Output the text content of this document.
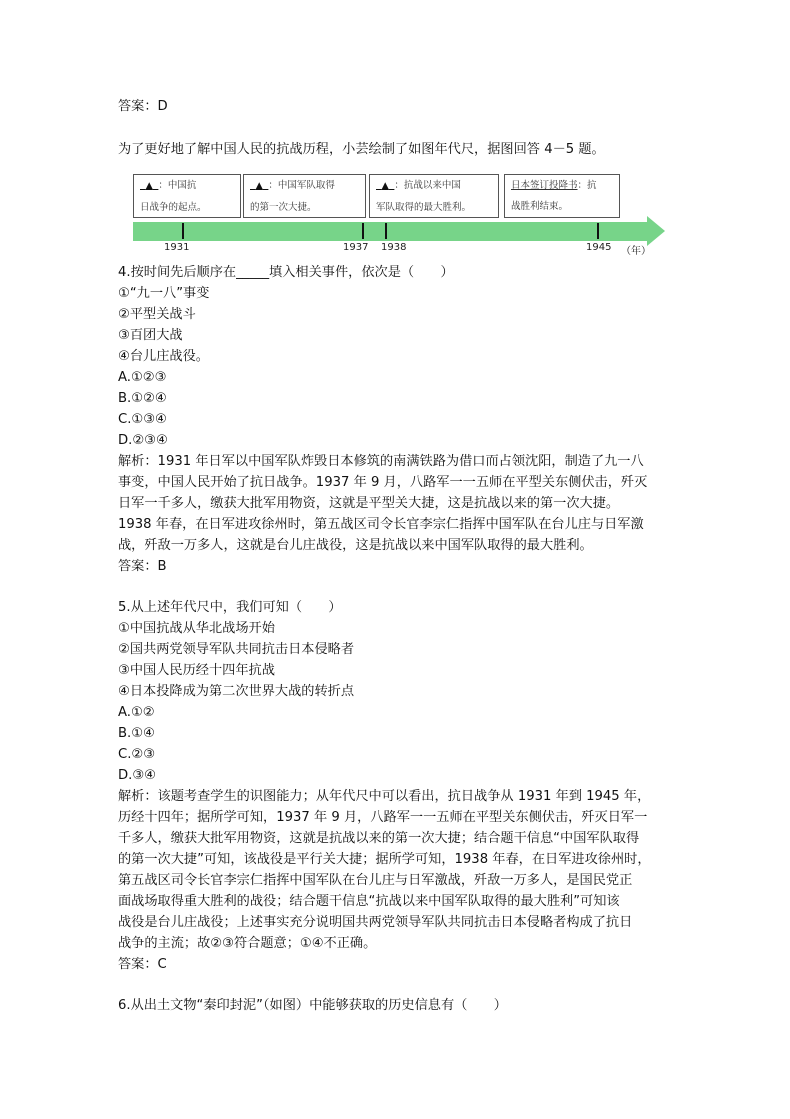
答案：D
为了更好地了解中国人民的抗战历程，小芸绘制了如图年代尺，据图回答 4－5 题。
▲ ：中国抗
日战争的起点。
▲ ：中国军队取得
的第一次大捷。
▲ ：抗战以来中国
军队取得的最大胜利。
日本签订投降书：抗
战胜利结束。
1931	1937 1938	1945 （年）
4.按时间先后顺序在_____填入相关事件，依次是（　　）
①“九一八”事变
②平型关战斗
③百团大战
④台儿庄战役。
A.①②③
B.①②④
C.①③④
D.②③④
解析：1931 年日军以中国军队炸毁日本修筑的南满铁路为借口而占领沈阳，制造了九一八
事变，中国人民开始了抗日战争。1937 年 9 月，八路军一一五师在平型关东侧伏击，歼灭
日军一千多人，缴获大批军用物资，这就是平型关大捷，这是抗战以来的第一次大捷。
1938 年春，在日军进攻徐州时，第五战区司令长官李宗仁指挥中国军队在台儿庄与日军激
战，歼敌一万多人，这就是台儿庄战役，这是抗战以来中国军队取得的最大胜利。
答案：B
5.从上述年代尺中，我们可知（　　）
①中国抗战从华北战场开始
②国共两党领导军队共同抗击日本侵略者
③中国人民历经十四年抗战
④日本投降成为第二次世界大战的转折点
A.①②
B.①④
C.②③
D.③④
解析：该题考查学生的识图能力；从年代尺中可以看出，抗日战争从 1931 年到 1945 年，
历经十四年；据所学可知，1937 年 9 月，八路军一一五师在平型关东侧伏击，歼灭日军一
千多人，缴获大批军用物资，这就是抗战以来的第一次大捷；结合题干信息“中国军队取得
的第一次大捷”可知，该战役是平行关大捷；据所学可知，1938 年春，在日军进攻徐州时，
第五战区司令长官李宗仁指挥中国军队在台儿庄与日军激战，歼敌一万多人，是国民党正
面战场取得重大胜利的战役；结合题干信息“抗战以来中国军队取得的最大胜利”可知该
战役是台儿庄战役；上述事实充分说明国共两党领导军队共同抗击日本侵略者构成了抗日
战争的主流；故②③符合题意；①④不正确。
答案：C
6.从出土文物“秦印封泥”（如图）中能够获取的历史信息有（　　）
